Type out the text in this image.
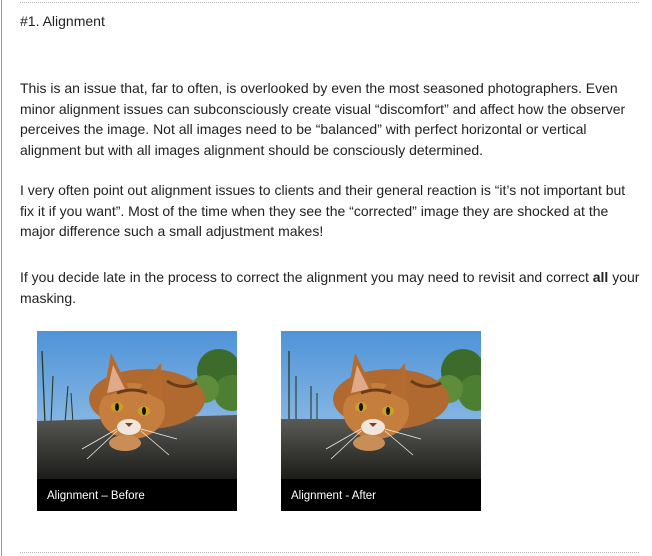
#1. Alignment

This is an issue that, far to often, is overlooked by even the most seasoned photographers. Even minor alignment issues can subconsciously create visual “discomfort” and affect how the observer perceives the image. Not all images need to be “balanced” with perfect horizontal or vertical alignment but with all images alignment should be consciously determined.

I very often point out alignment issues to clients and their general reaction is “it’s not important but fix it if you want”. Most of the time when they see the “corrected” image they are shocked at the major difference such a small adjustment makes!

If you decide late in the process to correct the alignment you may need to revisit and correct all your masking.

Alignment – Before	Alignment - After
